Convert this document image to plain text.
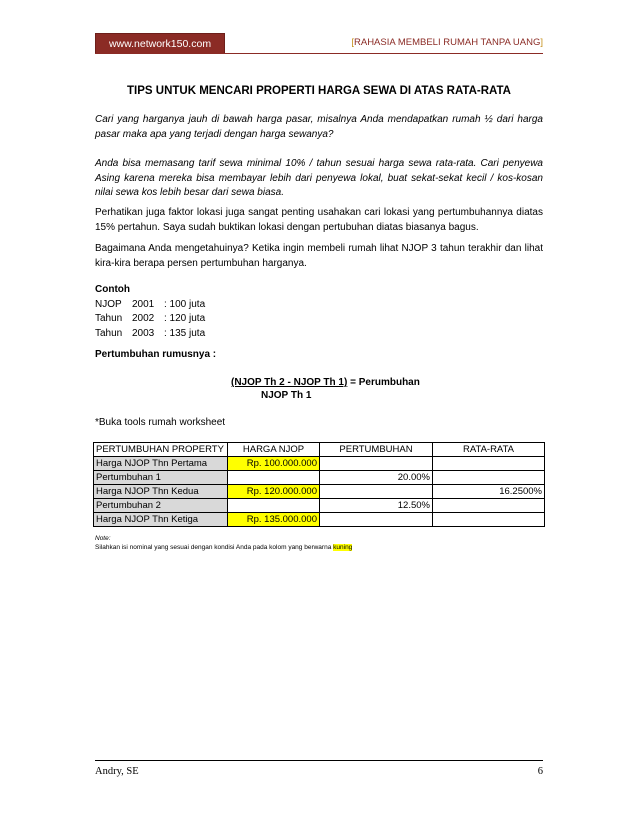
www.network150.com	[RAHASIA MEMBELI RUMAH TANPA UANG]
TIPS UNTUK MENCARI PROPERTI HARGA SEWA DI ATAS RATA-RATA

Cari yang harganya jauh di bawah harga pasar, misalnya Anda mendapatkan rumah ½ dari harga pasar maka apa yang terjadi dengan harga sewanya?

Anda bisa memasang tarif sewa minimal 10% / tahun sesuai harga sewa rata-rata. Cari penyewa Asing karena mereka bisa membayar lebih dari penyewa lokal, buat sekat-sekat kecil / kos-kosan nilai sewa kos lebih besar dari sewa biasa.

Perhatikan juga faktor lokasi juga sangat penting usahakan cari lokasi yang pertumbuhannya diatas 15% pertahun. Saya sudah buktikan lokasi dengan pertubuhan diatas biasanya bagus.

Bagaimana Anda mengetahuinya? Ketika ingin membeli rumah lihat NJOP 3 tahun terakhir dan lihat kira-kira berapa persen pertumbuhan harganya.

Contoh
NJOP	2001 : 100 juta
Tahun 2002 : 120 juta
Tahun 2003 : 135 juta
Pertumbuhan rumusnya :
(NJOP Th 2 - NJOP Th 1) = Perumbuhan
NJOP Th 1
*Buka tools rumah worksheet
PERTUMBUHAN PROPERTY	HARGA NJOP	PERTUMBUHAN	RATA-RATA
Harga NJOP Thn Pertama	Rp. 100.000.000		
Pertumbuhan 1		20.00%	
Harga NJOP Thn Kedua	Rp. 120.000.000		16.2500%
Pertumbuhan 2		12.50%	
Harga NJOP Thn Ketiga	Rp. 135.000.000		
Note:
Silahkan isi nominal yang sesuai dengan kondisi Anda pada kolom yang berwarna kuning
Andry, SE	6
